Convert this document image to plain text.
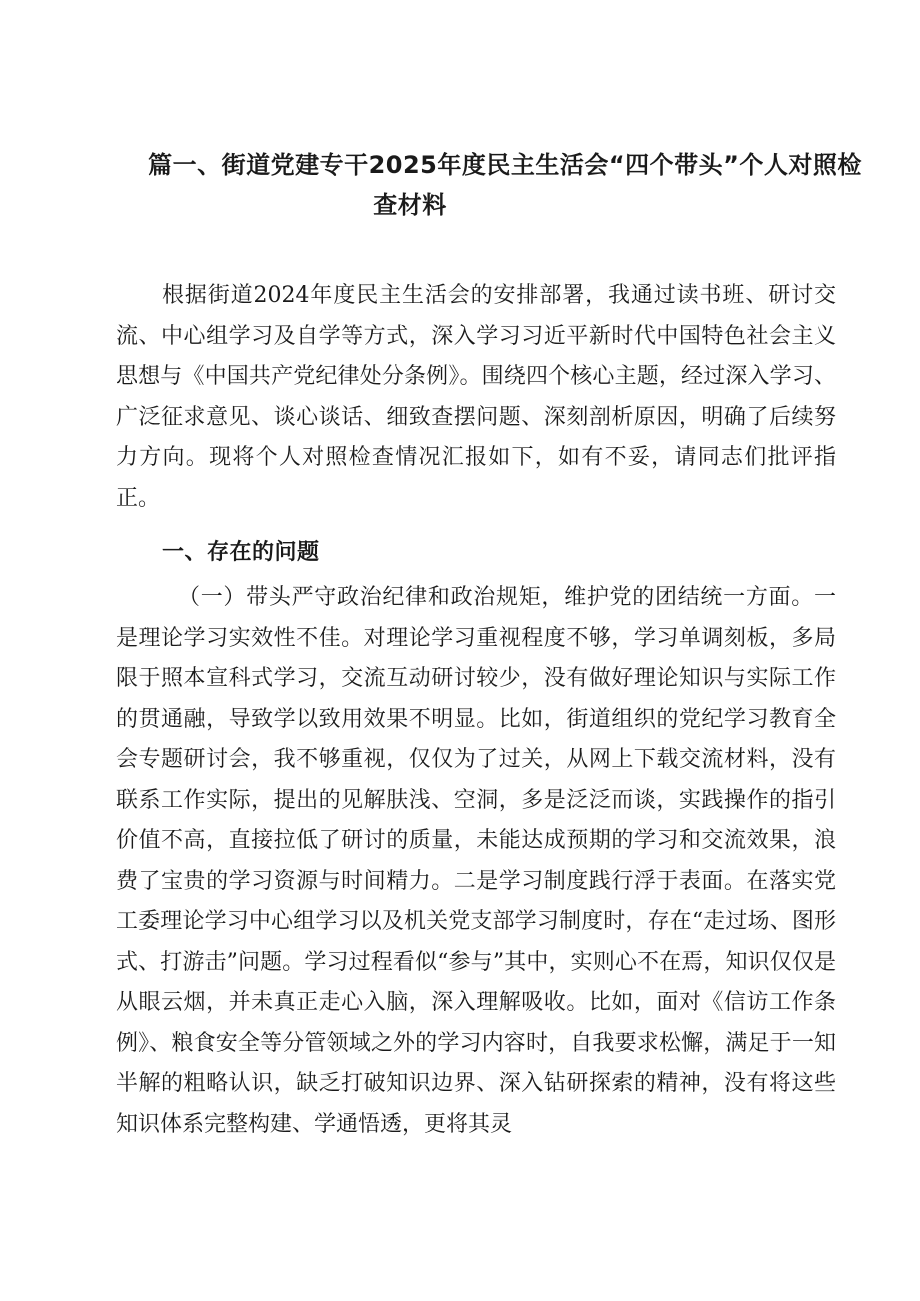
篇一、街道党建专干2025年度民主生活会“四个带头”个人对照检
查材料
根据街道2024年度民主生活会的安排部署，我通过读书班、研讨交流、中心组学习及自学等方式，深入学习习近平新时代中国特色社会主义思想与《中国共产党纪律处分条例》。围绕四个核心主题，经过深入学习、广泛征求意见、谈心谈话、细致查摆问题、深刻剖析原因，明确了后续努力方向。现将个人对照检查情况汇报如下，如有不妥，请同志们批评指正。
一、存在的问题
（一）带头严守政治纪律和政治规矩，维护党的团结统一方面。一是理论学习实效性不佳。对理论学习重视程度不够，学习单调刻板，多局限于照本宣科式学习，交流互动研讨较少，没有做好理论知识与实际工作的贯通融，导致学以致用效果不明显。比如，街道组织的党纪学习教育全会专题研讨会，我不够重视，仅仅为了过关，从网上下载交流材料，没有联系工作实际，提出的见解肤浅、空洞，多是泛泛而谈，实践操作的指引价值不高，直接拉低了研讨的质量，未能达成预期的学习和交流效果，浪费了宝贵的学习资源与时间精力。二是学习制度践行浮于表面。在落实党工委理论学习中心组学习以及机关党支部学习制度时，存在“走过场、图形式、打游击”问题。学习过程看似“参与”其中，实则心不在焉，知识仅仅是从眼云烟，并未真正走心入脑，深入理解吸收。比如，面对《信访工作条例》、粮食安全等分管领域之外的学习内容时，自我要求松懈，满足于一知半解的粗略认识，缺乏打破知识边界、深入钻研探索的精神，没有将这些知识体系完整构建、学通悟透，更将其灵
